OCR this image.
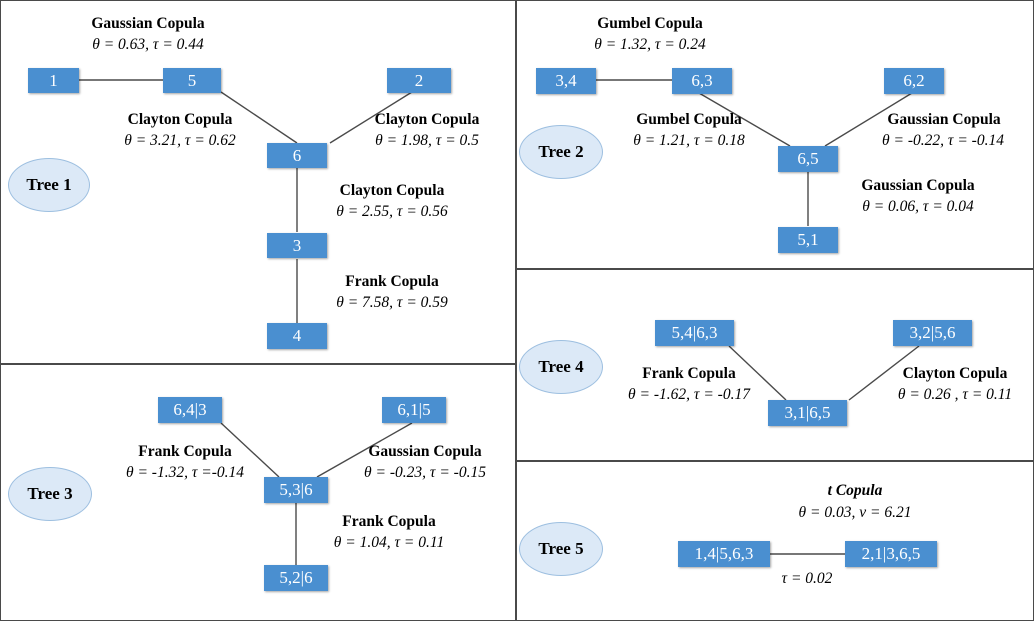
Tree 1
Gaussian Copula
θ = 0.63, τ = 0.44
1	5	2
Clayton Copula
θ = 3.21, τ = 0.62
Clayton Copula
θ = 1.98, τ = 0.5
6
Clayton Copula
θ = 2.55, τ = 0.56
3
Frank Copula
θ = 7.58, τ = 0.59
4
Tree 2
Gumbel Copula
θ = 1.32, τ = 0.24
3,4	6,3	6,2
Gumbel Copula
θ = 1.21, τ = 0.18
Gaussian Copula
θ = -0.22, τ = -0.14
6,5
Gaussian Copula
θ = 0.06, τ = 0.04
5,1
Tree 3
6,4|3	6,1|5
Frank Copula
θ = -1.32, τ =-0.14
Gaussian Copula
θ = -0.23, τ = -0.15
5,3|6
Frank Copula
θ = 1.04, τ = 0.11
5,2|6
Tree 4
5,4|6,3	3,2|5,6
Frank Copula
θ = -1.62, τ = -0.17
Clayton Copula
θ = 0.26 , τ = 0.11
3,1|6,5
Tree 5
t Copula
θ = 0.03, ν = 6.21
1,4|5,6,3	2,1|3,6,5
τ = 0.02
